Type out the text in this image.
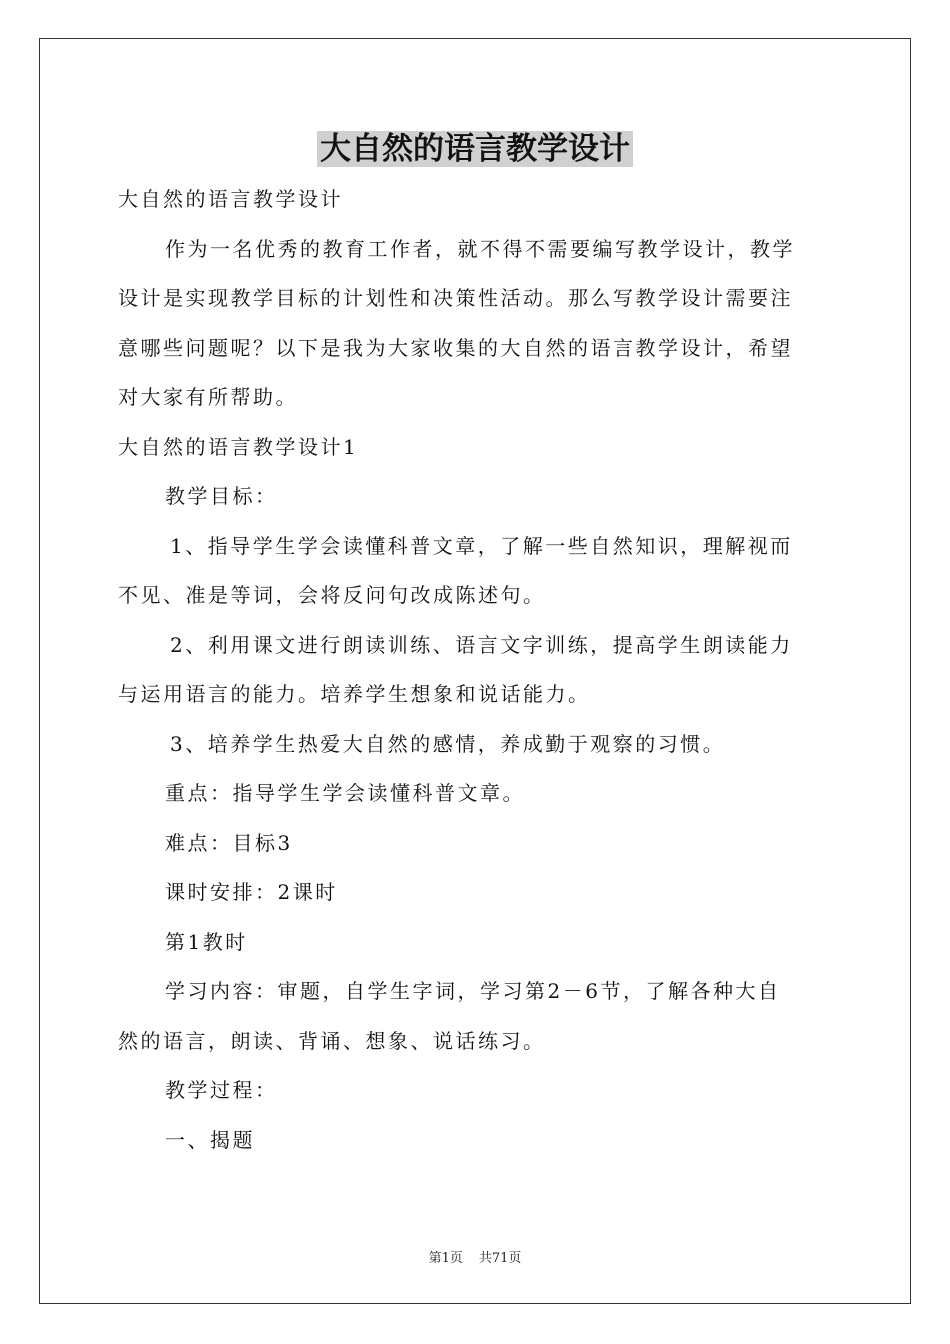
大自然的语言教学设计

大自然的语言教学设计

作为一名优秀的教育工作者，就不得不需要编写教学设计，教学

设计是实现教学目标的计划性和决策性活动。那么写教学设计需要注

意哪些问题呢？以下是我为大家收集的大自然的语言教学设计，希望

对大家有所帮助。

大自然的语言教学设计1

教学目标：

1、指导学生学会读懂科普文章，了解一些自然知识，理解视而

不见、准是等词，会将反问句改成陈述句。

2、利用课文进行朗读训练、语言文字训练，提高学生朗读能力

与运用语言的能力。培养学生想象和说话能力。

3、培养学生热爱大自然的感情，养成勤于观察的习惯。

重点：指导学生学会读懂科普文章。

难点：目标3

课时安排：2课时

第1教时

学习内容：审题，自学生字词，学习第2－6节，了解各种大自

然的语言，朗读、背诵、想象、说话练习。

教学过程：

一、揭题

第1页 共71页
